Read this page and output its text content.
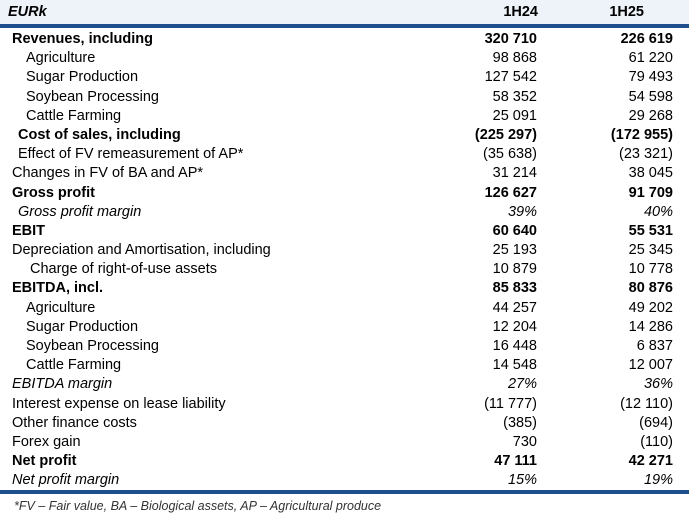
EURk	1H24	1H25
Revenues, including	320 710	226 619
Agriculture	98 868	61 220
Sugar Production	127 542	79 493
Soybean Processing	58 352	54 598
Cattle Farming	25 091	29 268
Cost of sales, including	(225 297)	(172 955)
Effect of FV remeasurement of AP*	(35 638)	(23 321)
Changes in FV of BA and AP*	31 214	38 045
Gross profit	126 627	91 709
Gross profit margin	39%	40%
EBIT	60 640	55 531
Depreciation and Amortisation, including	25 193	25 345
Charge of right-of-use assets	10 879	10 778
EBITDA, incl.	85 833	80 876
Agriculture	44 257	49 202
Sugar Production	12 204	14 286
Soybean Processing	16 448	6 837
Cattle Farming	14 548	12 007
EBITDA margin	27%	36%
Interest expense on lease liability	(11 777)	(12 110)
Other finance costs	(385)	(694)
Forex gain	730	(110)
Net profit	47 111	42 271
Net profit margin	15%	19%
*FV – Fair value, BA – Biological assets, AP – Agricultural produce
